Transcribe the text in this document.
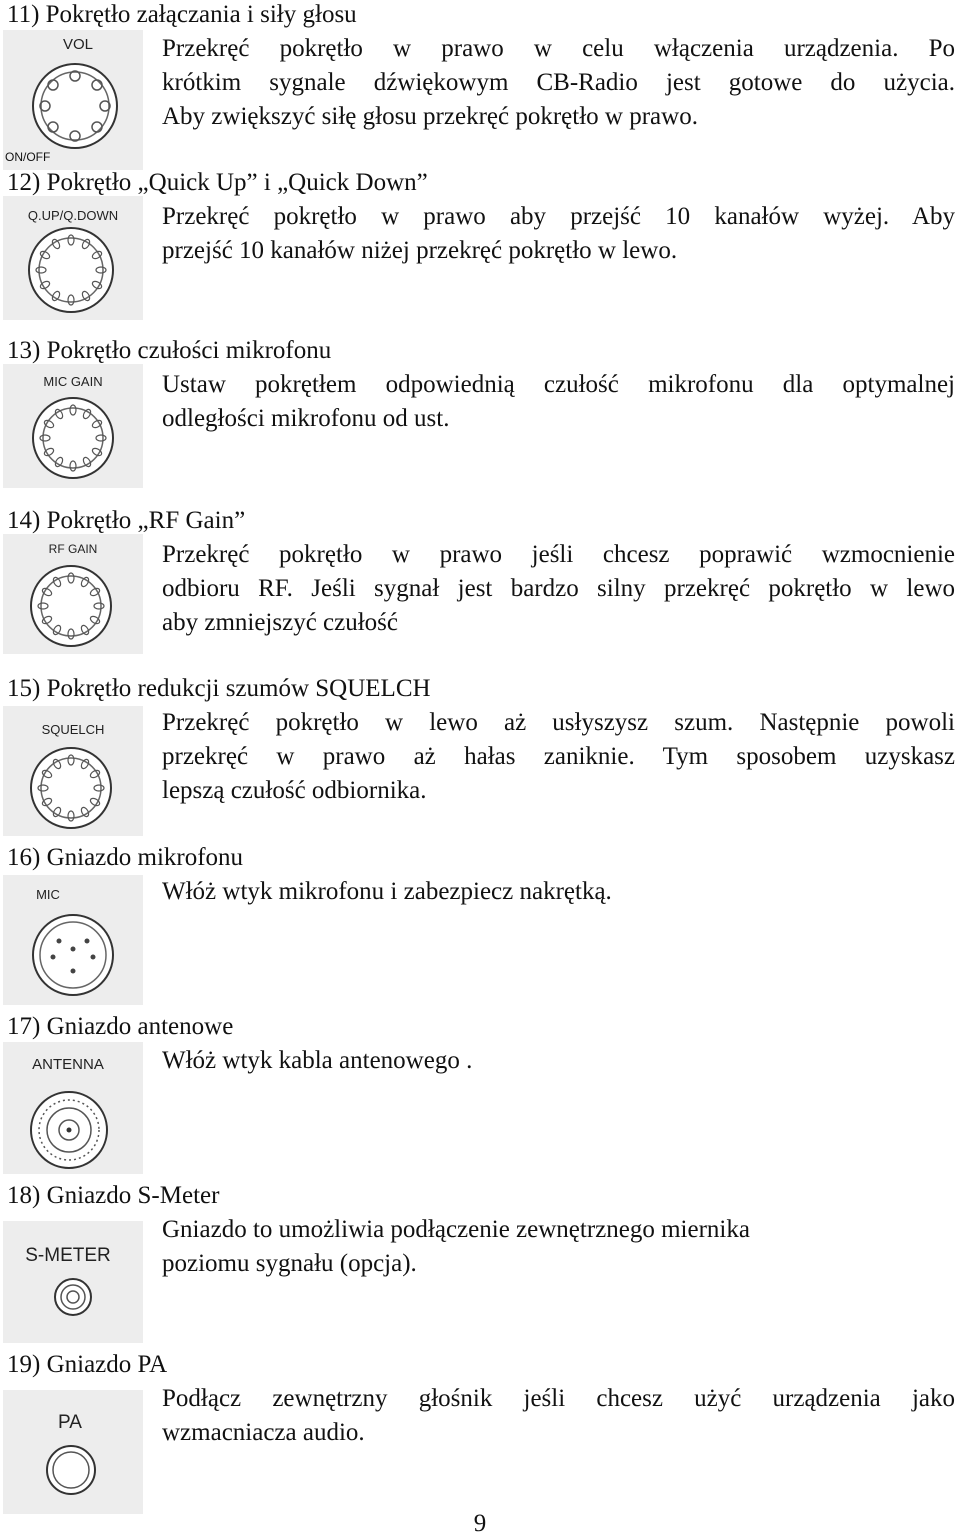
11) Pokrętło załączania i siły głosu
VOL
ON/OFF
Przekręć pokrętło w prawo w celu włączenia urządzenia. Po
krótkim sygnale dźwiękowym CB-Radio jest gotowe do użycia.
Aby zwiększyć siłę głosu przekręć pokrętło w prawo.
12) Pokrętło „Quick Up” i „Quick Down”
Q.UP/Q.DOWN	Przekręć pokrętło w prawo aby przejść 10 kanałów wyżej. Aby
przejść 10 kanałów niżej przekręć pokrętło w lewo.
13) Pokrętło czułości mikrofonu
MIC GAIN	Ustaw pokrętłem odpowiednią czułość mikrofonu dla optymalnej
odległości mikrofonu od ust.
14) Pokrętło „RF Gain”
RF GAIN	Przekręć pokrętło w prawo jeśli chcesz poprawić wzmocnienie
odbioru RF. Jeśli sygnał jest bardzo silny przekręć pokrętło w lewo
aby zmniejszyć czułość
15) Pokrętło redukcji szumów SQUELCH
SQUELCH	Przekręć pokrętło w lewo aż usłyszysz szum. Następnie powoli
przekręć w prawo aż hałas zaniknie. Tym sposobem uzyskasz
lepszą czułość odbiornika.
16) Gniazdo mikrofonu
MIC	Włóż wtyk mikrofonu i zabezpiecz nakrętką.
17) Gniazdo antenowe
ANTENNA	Włóż wtyk kabla antenowego .
18) Gniazdo S-Meter
S-METER
Gniazdo to umożliwia podłączenie zewnętrznego miernika
poziomu sygnału (opcja).
19) Gniazdo PA
PA
Podłącz zewnętrzny głośnik jeśli chcesz użyć urządzenia jako
wzmacniacza audio.
9
